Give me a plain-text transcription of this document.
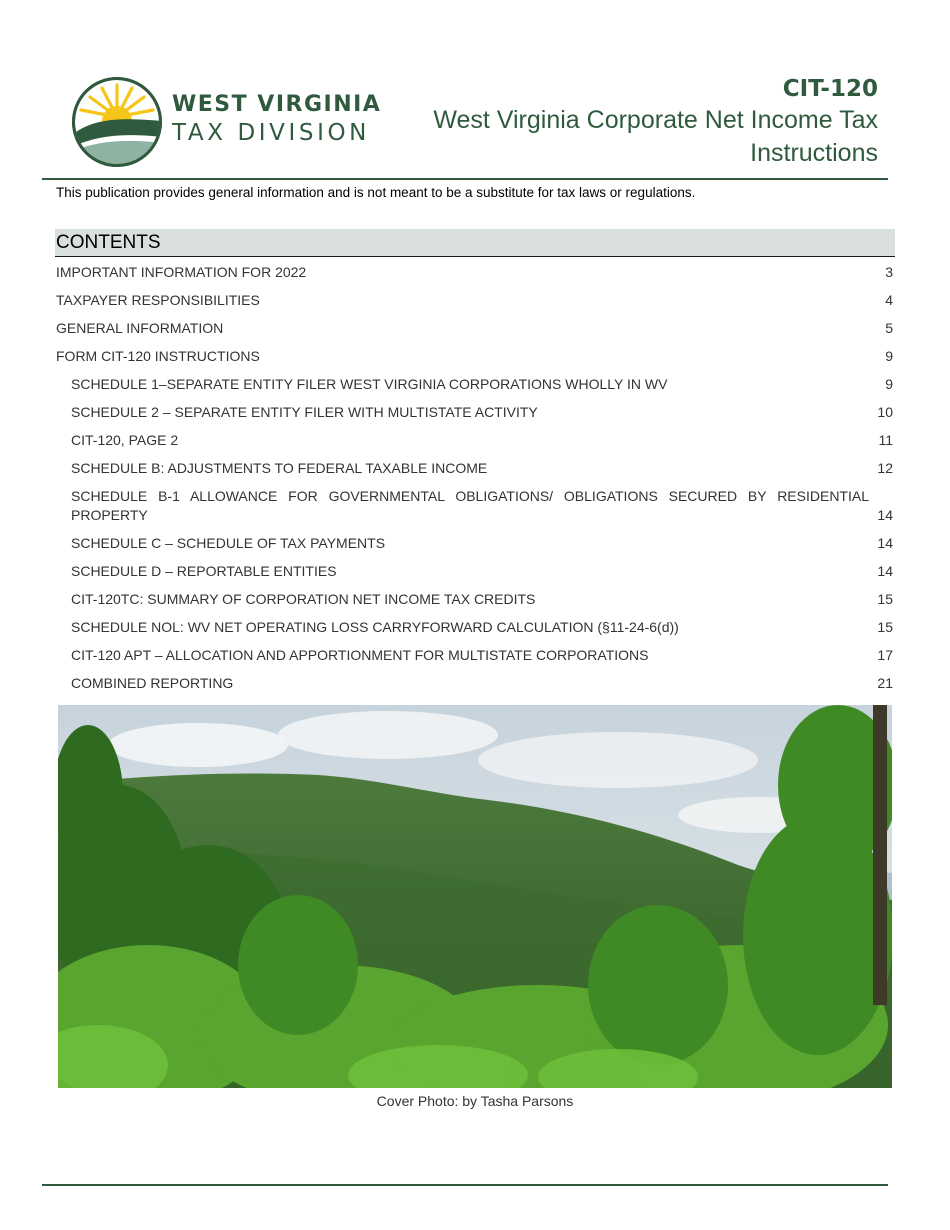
WEST VIRGINIA
TAX DIVISION
CIT-120
West Virginia Corporate Net Income Tax
Instructions
This publication provides general information and is not meant to be a substitute for tax laws or regulations.
CONTENTS
IMPORTANT INFORMATION FOR 2022	3
TAXPAYER RESPONSIBILITIES	4
GENERAL INFORMATION	5
FORM CIT-120 INSTRUCTIONS	9
SCHEDULE 1–SEPARATE ENTITY FILER WEST VIRGINIA CORPORATIONS WHOLLY IN WV	9
SCHEDULE 2 – SEPARATE ENTITY FILER WITH MULTISTATE ACTIVITY	10
CIT-120, PAGE 2	11
SCHEDULE B: ADJUSTMENTS TO FEDERAL TAXABLE INCOME	12
SCHEDULE B-1 ALLOWANCE FOR GOVERNMENTAL OBLIGATIONS/ OBLIGATIONS SECURED BY RESIDENTIAL PROPERTY	14
SCHEDULE C – SCHEDULE OF TAX PAYMENTS	14
SCHEDULE D – REPORTABLE ENTITIES	14
CIT-120TC: SUMMARY OF CORPORATION NET INCOME TAX CREDITS	15
SCHEDULE NOL: WV NET OPERATING LOSS CARRYFORWARD CALCULATION (§11-24-6(d))	15
CIT-120 APT – ALLOCATION AND APPORTIONMENT FOR MULTISTATE CORPORATIONS	17
COMBINED REPORTING	21
Cover Photo: by Tasha Parsons
